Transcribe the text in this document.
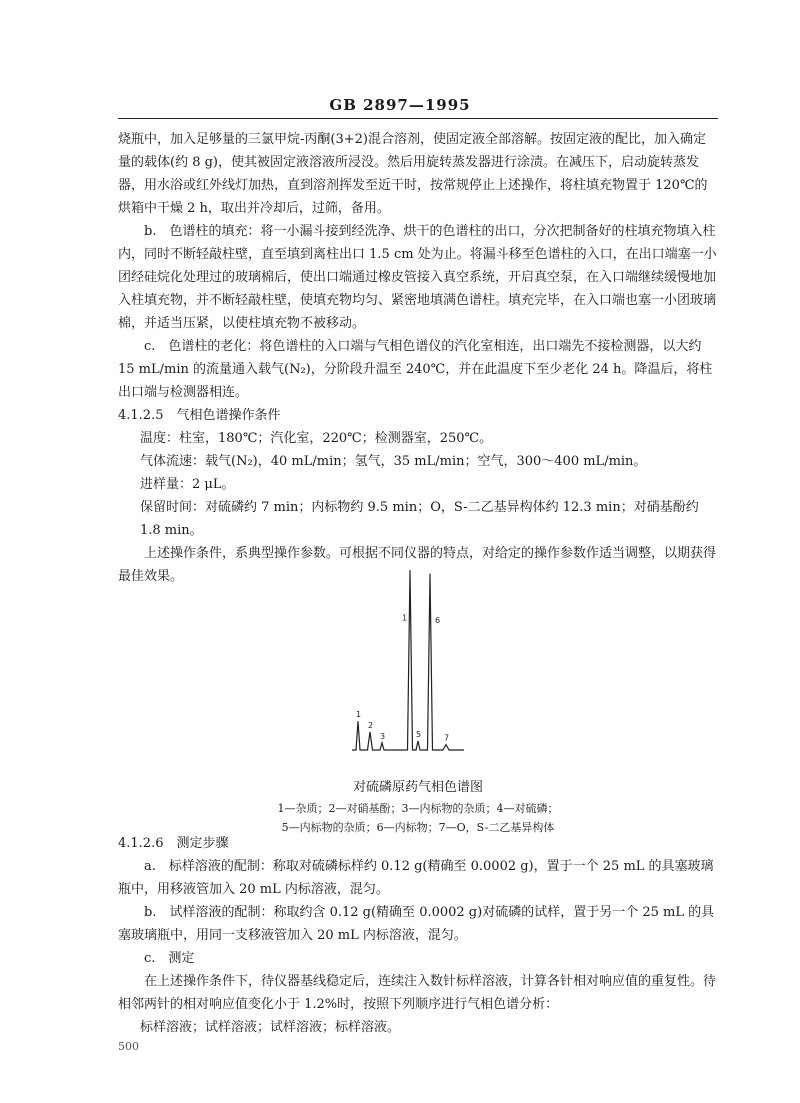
GB 2897—1995

烧瓶中，加入足够量的三氯甲烷-丙酮(3+2)混合溶剂，使固定液全部溶解。按固定液的配比，加入确定量的载体(约 8 g)，使其被固定液溶液所浸没。然后用旋转蒸发器进行涂渍。在减压下，启动旋转蒸发器，用水浴或红外线灯加热，直到溶剂挥发至近干时，按常规停止上述操作，将柱填充物置于 120℃的烘箱中干燥 2 h，取出并冷却后，过筛，备用。

b.　色谱柱的填充：将一小漏斗接到经洗净、烘干的色谱柱的出口，分次把制备好的柱填充物填入柱内，同时不断轻敲柱壁，直至填到离柱出口 1.5 cm 处为止。将漏斗移至色谱柱的入口，在出口端塞一小团经硅烷化处理过的玻璃棉后，使出口端通过橡皮管接入真空系统，开启真空泵，在入口端继续缓慢地加入柱填充物，并不断轻敲柱壁，使填充物均匀、紧密地填满色谱柱。填充完毕，在入口端也塞一小团玻璃棉，并适当压紧，以使柱填充物不被移动。

c.　色谱柱的老化：将色谱柱的入口端与气相色谱仪的汽化室相连，出口端先不接检测器，以大约 15 mL/min 的流量通入载气(N₂)，分阶段升温至 240℃，并在此温度下至少老化 24 h。降温后，将柱出口端与检测器相连。

4.1.2.5　气相色谱操作条件

温度：柱室，180℃；汽化室，220℃；检测器室，250℃。

气体流速：载气(N₂)，40 mL/min；氢气，35 mL/min；空气，300～400 mL/min。

进样量：2 μL。

保留时间：对硫磷约 7 min；内标物约 9.5 min；O，S-二乙基异构体约 12.3 min；对硝基酚约 1.8 min。

上述操作条件，系典型操作参数。可根据不同仪器的特点，对给定的操作参数作适当调整，以期获得最佳效果。

1
2
3
1
5
6
7
对硫磷原药气相色谱图
1—杂质；2—对硝基酚；3—内标物的杂质；4—对硫磷；
5—内标物的杂质；6—内标物；7—O，S-二乙基异构体

4.1.2.6　测定步骤

a.　标样溶液的配制：称取对硫磷标样约 0.12 g(精确至 0.0002 g)，置于一个 25 mL 的具塞玻璃瓶中，用移液管加入 20 mL 内标溶液，混匀。

b.　试样溶液的配制：称取约含 0.12 g(精确至 0.0002 g)对硫磷的试样，置于另一个 25 mL 的具塞玻璃瓶中，用同一支移液管加入 20 mL 内标溶液，混匀。

c.　测定

在上述操作条件下，待仪器基线稳定后，连续注入数针标样溶液，计算各针相对响应值的重复性。待相邻两针的相对响应值变化小于 1.2%时，按照下列顺序进行气相色谱分析：

标样溶液；试样溶液；试样溶液；标样溶液。

500
